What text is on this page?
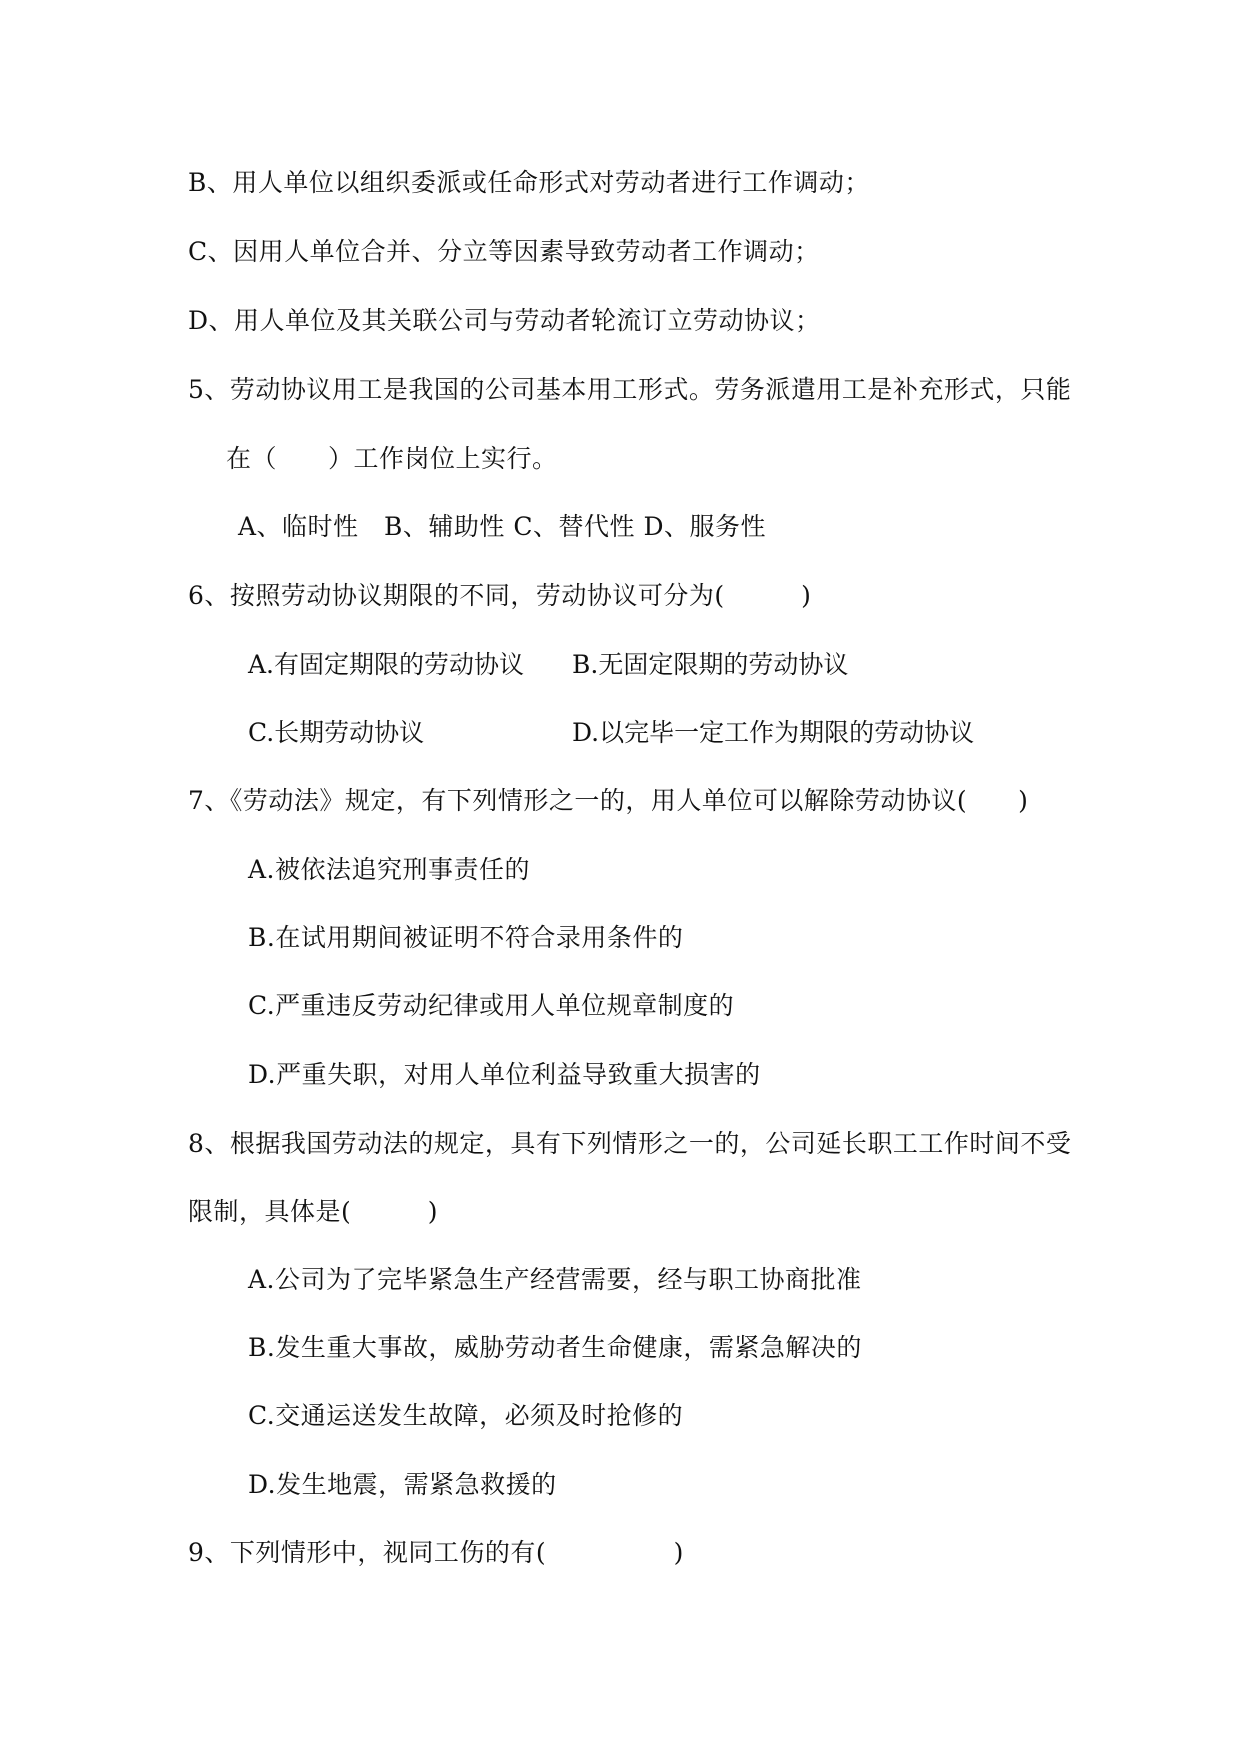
B、用人单位以组织委派或任命形式对劳动者进行工作调动；
C、因用人单位合并、分立等因素导致劳动者工作调动；
D、用人单位及其关联公司与劳动者轮流订立劳动协议；
5、劳动协议用工是我国的公司基本用工形式。劳务派遣用工是补充形式，只能
在（　　）工作岗位上实行。
A、临时性　B、辅助性 C、替代性 D、服务性
6、按照劳动协议期限的不同，劳动协议可分为(　　　)
A.有固定期限的劳动协议 B.无固定限期的劳动协议
C.长期劳动协议	D.以完毕一定工作为期限的劳动协议
7、《劳动法》规定，有下列情形之一的，用人单位可以解除劳动协议(　　)
A.被依法追究刑事责任的
B.在试用期间被证明不符合录用条件的
C.严重违反劳动纪律或用人单位规章制度的
D.严重失职，对用人单位利益导致重大损害的
8、根据我国劳动法的规定，具有下列情形之一的，公司延长职工工作时间不受
限制，具体是(　　　)
A.公司为了完毕紧急生产经营需要，经与职工协商批准
B.发生重大事故，威胁劳动者生命健康，需紧急解决的
C.交通运送发生故障，必须及时抢修的
D.发生地震，需紧急救援的
9、下列情形中，视同工伤的有(　　　　　)
